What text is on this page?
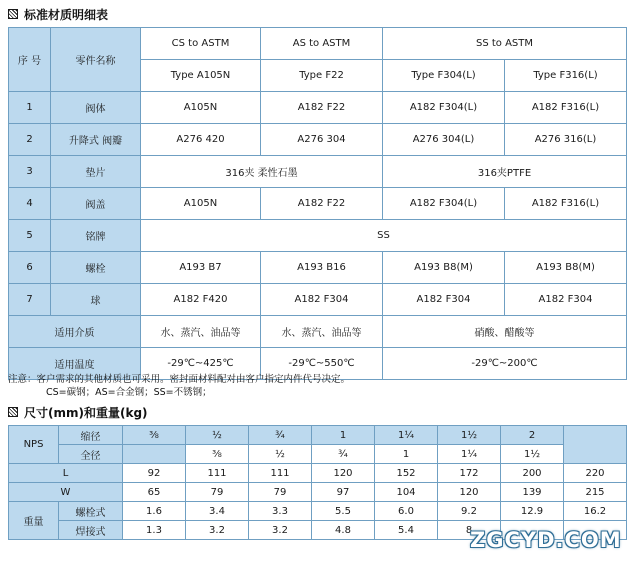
标准材质明细表
序 号	零件名称	CS to ASTM	AS to ASTM	SS to ASTM	
		Type A105N	Type F22	Type F304(L)	Type F316(L)
1	阀体	A105N	A182 F22	A182 F304(L)	A182 F316(L)
2	升降式 阀瓣	A276 420	A276 304	A276 304(L)	A276 316(L)
3	垫片	316夹 柔性石墨		316夹PTFE	
4	阀盖	A105N	A182 F22	A182 F304(L)	A182 F316(L)
5	铭牌	SS			
6	螺栓	A193 B7	A193 B16	A193 B8(M)	A193 B8(M)
7	球	A182 F420	A182 F304	A182 F304	A182 F304
适用介质		水、蒸汽、油品等	水、蒸汽、油品等	硝酸、醋酸等	
适用温度		-29℃~425℃	-29℃~550℃	-29℃~200℃	
注意：客户需求的其他材质也可采用。密封面材料配对由客户指定内件代号决定。
CS=碳钢；AS=合金钢；SS=不锈钢；
尺寸(mm)和重量(kg)
NPS	缩径	⅜	½	¾	1	1¼	1½	2	
	全径		⅜	½	¾	1	1¼	1½	
L		92	111	111	120	152	172	200	220
W		65	79	79	97	104	120	139	215
重量	螺栓式	1.6	3.4	3.3	5.5	6.0	9.2	12.9	16.2
	焊接式	1.3	3.2	3.2	4.8	5.4	8		
ZGCYD.COM
